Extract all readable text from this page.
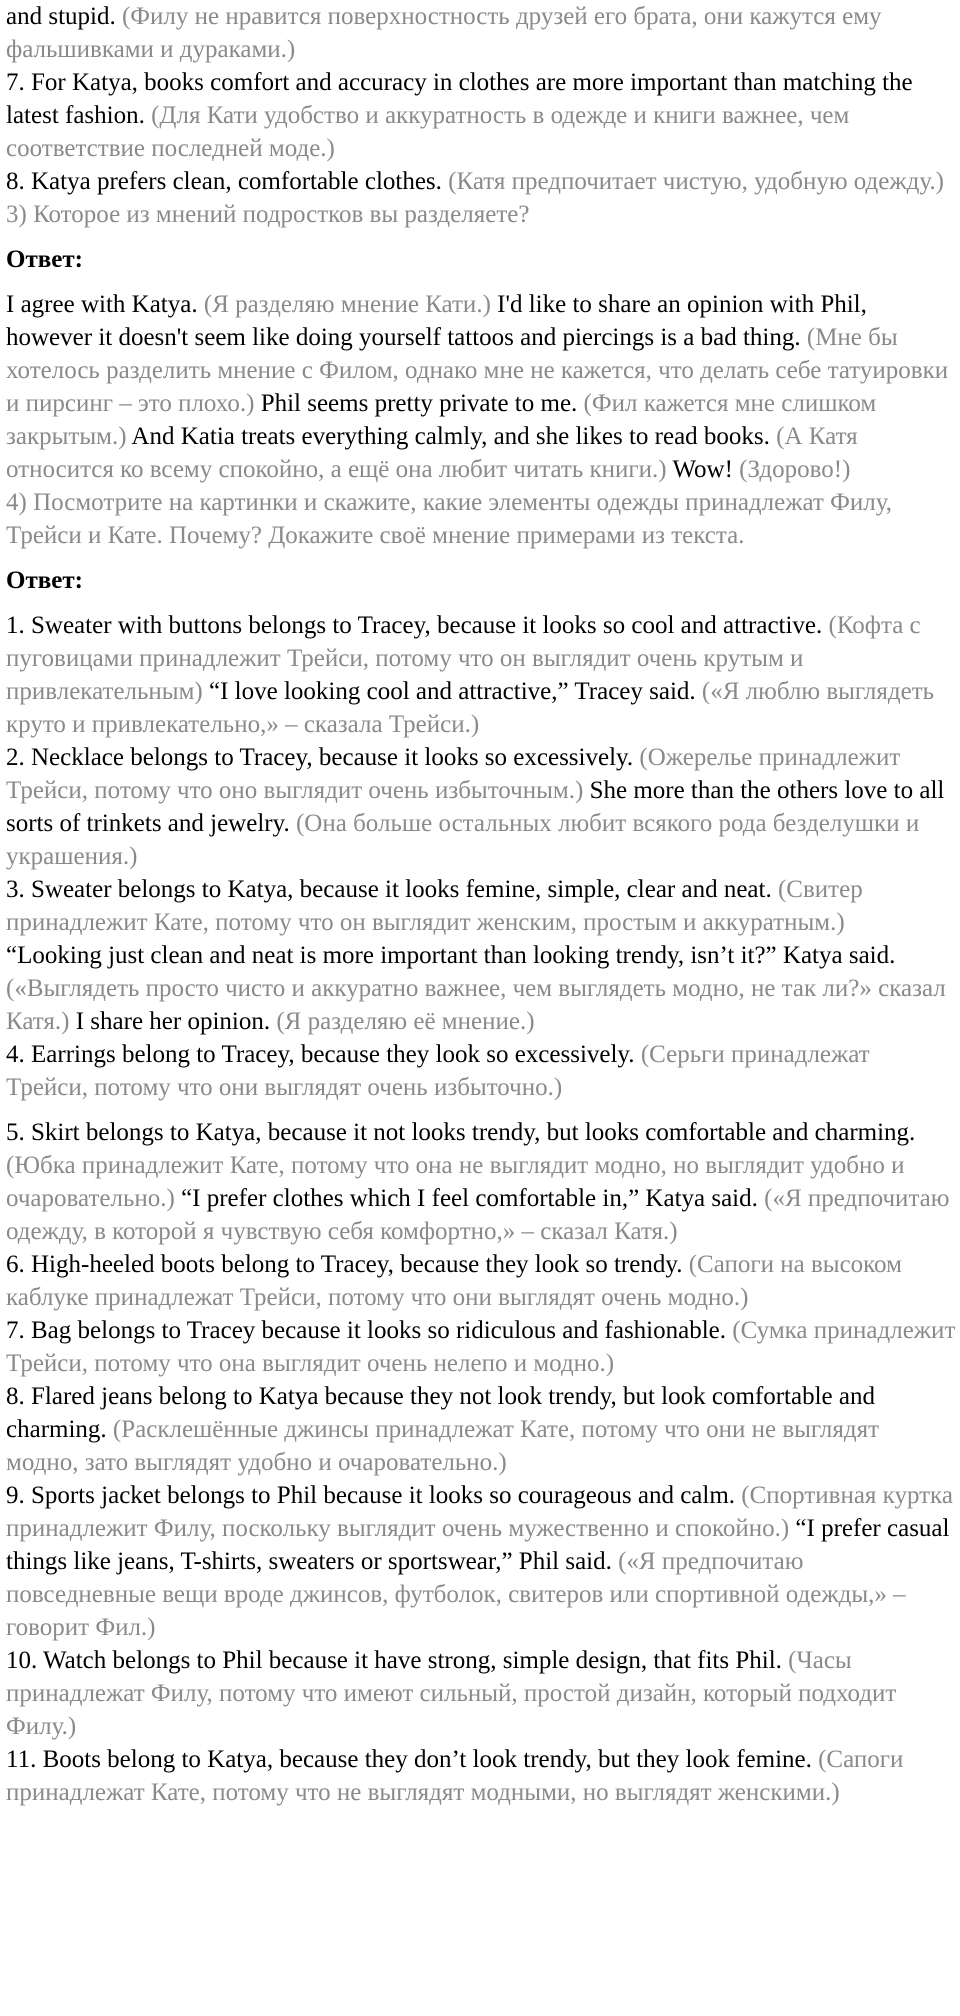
and stupid. (Филу не нравится поверхностность друзей его брата, они кажутся ему фальшивками и дураками.)

7. For Katya, books comfort and accuracy in clothes are more important than matching the latest fashion. (Для Кати удобство и аккуратность в одежде и книги важнее, чем соответствие последней моде.)

8. Katya prefers clean, comfortable clothes. (Катя предпочитает чистую, удобную одежду.)

3) Которое из мнений подростков вы разделяете?

Ответ:

I agree with Katya. (Я разделяю мнение Кати.) I'd like to share an opinion with Phil, however it doesn't seem like doing yourself tattoos and piercings is a bad thing. (Мне бы хотелось разделить мнение с Филом, однако мне не кажется, что делать себе татуировки и пирсинг – это плохо.) Phil seems pretty private to me. (Фил кажется мне слишком закрытым.) And Katia treats everything calmly, and she likes to read books. (А Катя относится ко всему спокойно, а ещё она любит читать книги.) Wow! (Здорово!)

4) Посмотрите на картинки и скажите, какие элементы одежды принадлежат Филу, Трейси и Кате. Почему? Докажите своё мнение примерами из текста.

Ответ:

1. Sweater with buttons belongs to Tracey, because it looks so cool and attractive. (Кофта с пуговицами принадлежит Трейси, потому что он выглядит очень крутым и привлекательным) “I love looking cool and attractive,” Tracey said. («Я люблю выглядеть круто и привлекательно,» – сказала Трейси.)

2. Necklace belongs to Tracey, because it looks so excessively. (Ожерелье принадлежит Трейси, потому что оно выглядит очень избыточным.) She more than the others love to all sorts of trinkets and jewelry. (Она больше остальных любит всякого рода безделушки и украшения.)

3. Sweater belongs to Katya, because it looks femine, simple, clear and neat. (Свитер принадлежит Кате, потому что он выглядит женским, простым и аккуратным.)

“Looking just clean and neat is more important than looking trendy, isn’t it?” Katya said. («Выглядеть просто чисто и аккуратно важнее, чем выглядеть модно, не так ли?» сказал Катя.) I share her opinion. (Я разделяю её мнение.)

4. Earrings belong to Tracey, because they look so excessively. (Серьги принадлежат Трейси, потому что они выглядят очень избыточно.)

5. Skirt belongs to Katya, because it not looks trendy, but looks comfortable and charming. (Юбка принадлежит Кате, потому что она не выглядит модно, но выглядит удобно и очаровательно.) “I prefer clothes which I feel comfortable in,” Katya said. («Я предпочитаю одежду, в которой я чувствую себя комфортно,» – сказал Катя.)

6. High-heeled boots belong to Tracey, because they look so trendy. (Сапоги на высоком каблуке принадлежат Трейси, потому что они выглядят очень модно.)

7. Bag belongs to Tracey because it looks so ridiculous and fashionable. (Сумка принадлежит Трейси, потому что она выглядит очень нелепо и модно.)

8. Flared jeans belong to Katya because they not look trendy, but look comfortable and charming. (Расклешённые джинсы принадлежат Кате, потому что они не выглядят модно, зато выглядят удобно и очаровательно.)

9. Sports jacket belongs to Phil because it looks so courageous and calm. (Спортивная куртка принадлежит Филу, поскольку выглядит очень мужественно и спокойно.) “I prefer casual things like jeans, T-shirts, sweaters or sportswear,” Phil said. («Я предпочитаю повседневные вещи вроде джинсов, футболок, свитеров или спортивной одежды,» – говорит Фил.)

10. Watch belongs to Phil because it have strong, simple design, that fits Phil. (Часы принадлежат Филу, потому что имеют сильный, простой дизайн, который подходит Филу.)

11. Boots belong to Katya, because they don’t look trendy, but they look femine. (Сапоги принадлежат Кате, потому что не выглядят модными, но выглядят женскими.)
